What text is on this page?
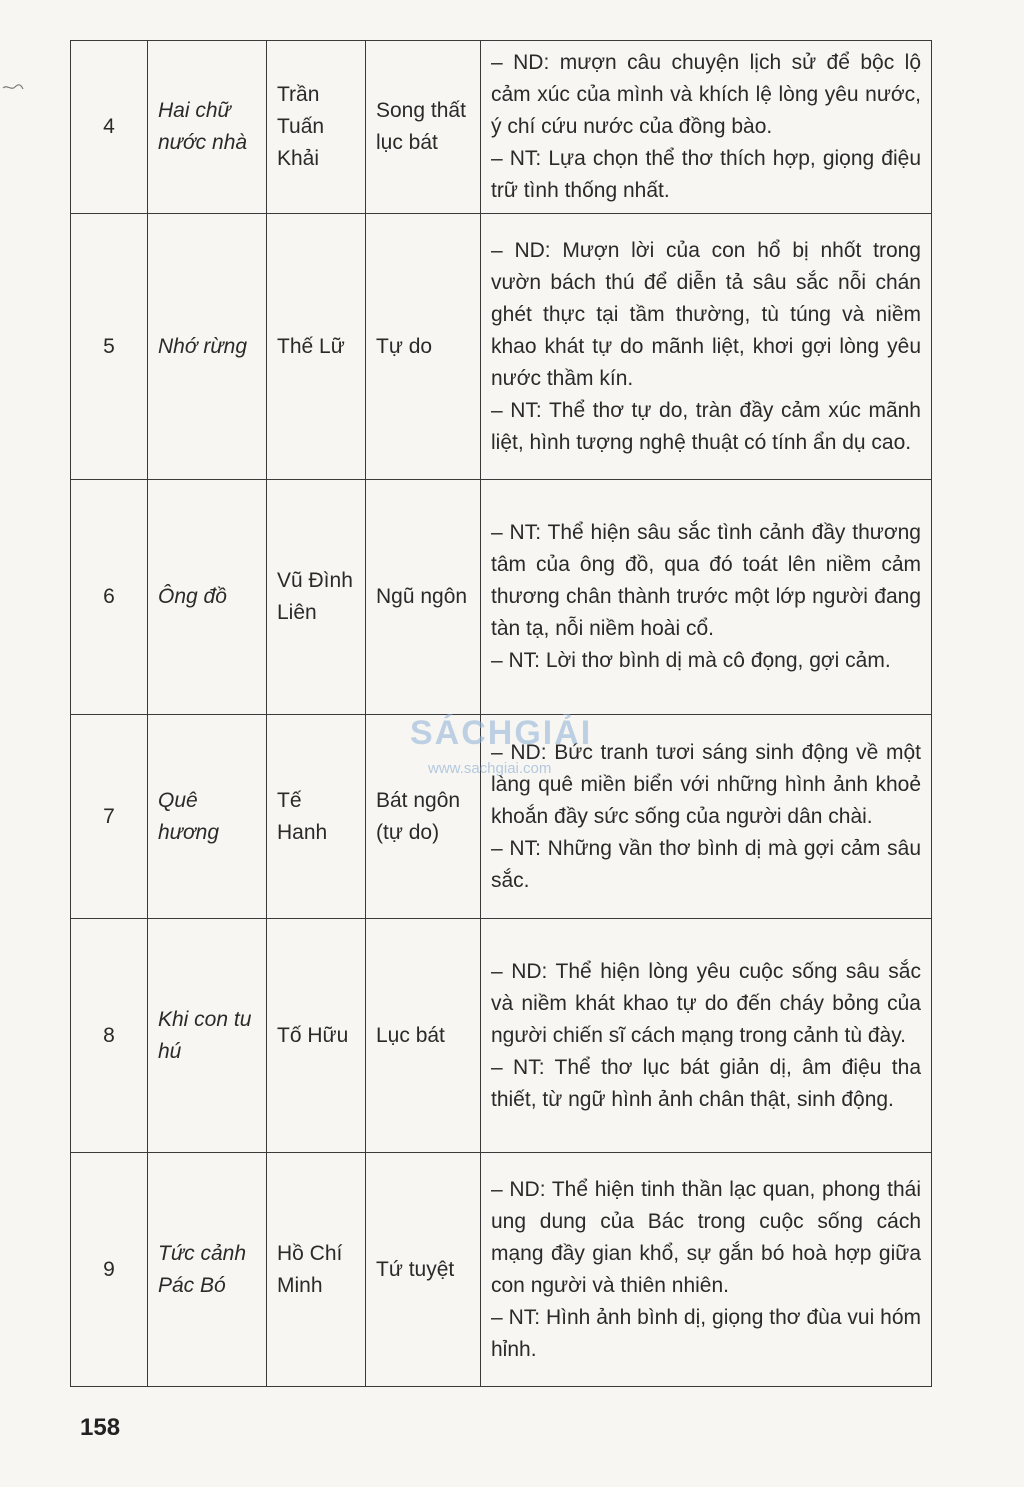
4	Hai chữ nước nhà	Trần Tuấn Khải	Song thất lục bát	– ND: mượn câu chuyện lịch sử để bộc lộ cảm xúc của mình và khích lệ lòng yêu nước, ý chí cứu nước của đồng bào.

– NT: Lựa chọn thể thơ thích hợp, giọng điệu trữ tình thống nhất.

5	Nhớ rừng	Thế Lữ	Tự do	– ND: Mượn lời của con hổ bị nhốt trong vườn bách thú để diễn tả sâu sắc nỗi chán ghét thực tại tầm thường, tù túng và niềm khao khát tự do mãnh liệt, khơi gợi lòng yêu nước thầm kín.

– NT: Thể thơ tự do, tràn đầy cảm xúc mãnh liệt, hình tượng nghệ thuật có tính ẩn dụ cao.

6	Ông đồ	Vũ Đình Liên	Ngũ ngôn	– NT: Thể hiện sâu sắc tình cảnh đầy thương tâm của ông đồ, qua đó toát lên niềm cảm thương chân thành trước một lớp người đang tàn tạ, nỗi niềm hoài cổ.

– NT: Lời thơ bình dị mà cô đọng, gợi cảm.

7	Quê hương	Tế Hanh	Bát ngôn (tự do)	– ND: Bức tranh tươi sáng sinh động về một làng quê miền biển với những hình ảnh khoẻ khoắn đầy sức sống của người dân chài.

– NT: Những vần thơ bình dị mà gợi cảm sâu sắc.

8	Khi con tu hú	Tố Hữu	Lục bát	– ND: Thể hiện lòng yêu cuộc sống sâu sắc và niềm khát khao tự do đến cháy bỏng của người chiến sĩ cách mạng trong cảnh tù đày.

– NT: Thể thơ lục bát giản dị, âm điệu tha thiết, từ ngữ hình ảnh chân thật, sinh động.

9	Tức cảnh Pác Bó	Hồ Chí Minh	Tứ tuyệt	– ND: Thể hiện tinh thần lạc quan, phong thái ung dung của Bác trong cuộc sống cách mạng đầy gian khổ, sự gắn bó hoà hợp giữa con người và thiên nhiên.

– NT: Hình ảnh bình dị, giọng thơ đùa vui hóm hỉnh.

SÁCHGIẢI
www.sachgiai.com
158
